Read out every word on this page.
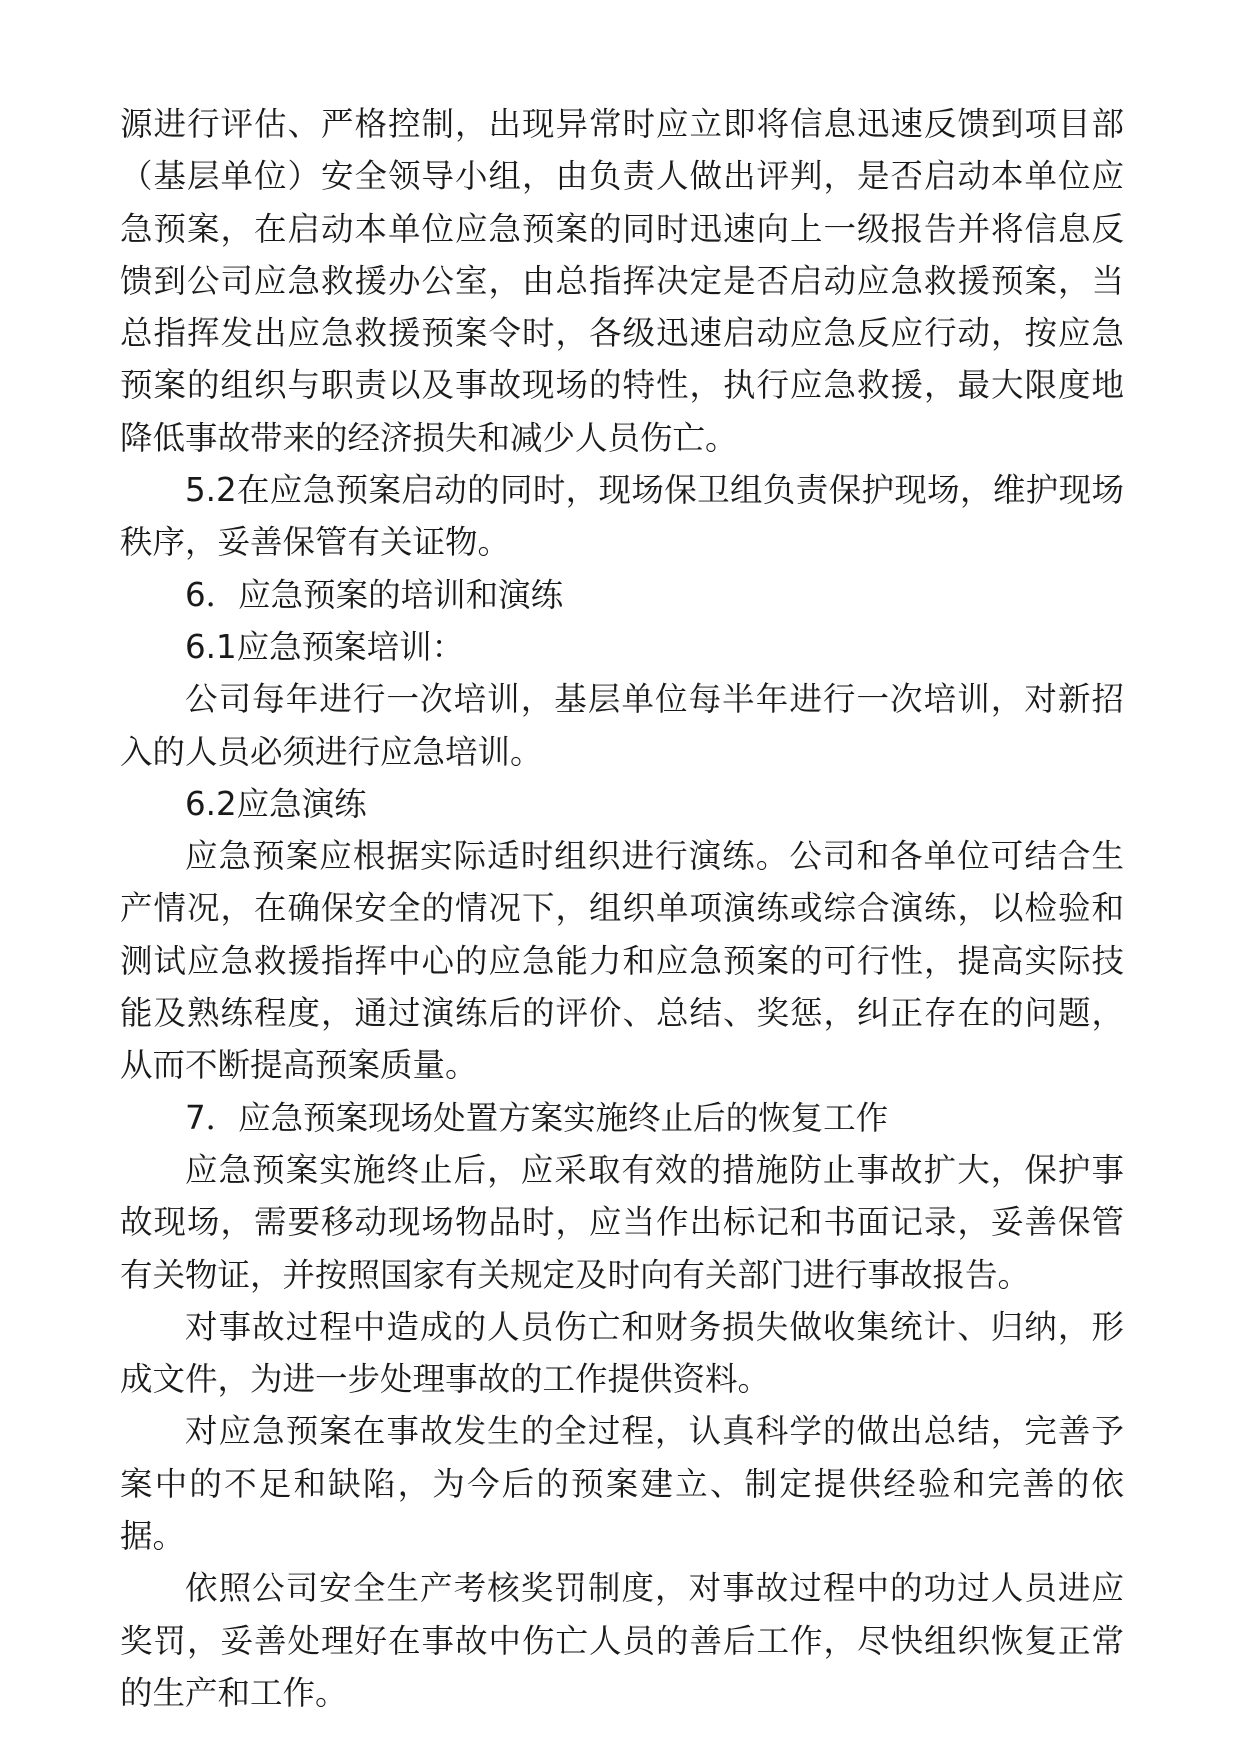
源进行评估、严格控制，出现异常时应立即将信息迅速反馈到项目部（基层单位）安全领导小组，由负责人做出评判，是否启动本单位应急预案，在启动本单位应急预案的同时迅速向上一级报告并将信息反馈到公司应急救援办公室，由总指挥决定是否启动应急救援预案，当总指挥发出应急救援预案令时，各级迅速启动应急反应行动，按应急预案的组织与职责以及事故现场的特性，执行应急救援，最大限度地降低事故带来的经济损失和减少人员伤亡。

5.2在应急预案启动的同时，现场保卫组负责保护现场，维护现场秩序，妥善保管有关证物。

6．应急预案的培训和演练

6.1应急预案培训：

公司每年进行一次培训，基层单位每半年进行一次培训，对新招入的人员必须进行应急培训。

6.2应急演练

应急预案应根据实际适时组织进行演练。公司和各单位可结合生产情况，在确保安全的情况下，组织单项演练或综合演练，以检验和测试应急救援指挥中心的应急能力和应急预案的可行性，提高实际技能及熟练程度，通过演练后的评价、总结、奖惩，纠正存在的问题，从而不断提高预案质量。

7．应急预案现场处置方案实施终止后的恢复工作

应急预案实施终止后，应采取有效的措施防止事故扩大，保护事故现场，需要移动现场物品时，应当作出标记和书面记录，妥善保管有关物证，并按照国家有关规定及时向有关部门进行事故报告。

对事故过程中造成的人员伤亡和财务损失做收集统计、归纳，形成文件，为进一步处理事故的工作提供资料。

对应急预案在事故发生的全过程，认真科学的做出总结，完善予案中的不足和缺陷，为今后的预案建立、制定提供经验和完善的依据。

依照公司安全生产考核奖罚制度，对事故过程中的功过人员进应奖罚，妥善处理好在事故中伤亡人员的善后工作，尽快组织恢复正常的生产和工作。
